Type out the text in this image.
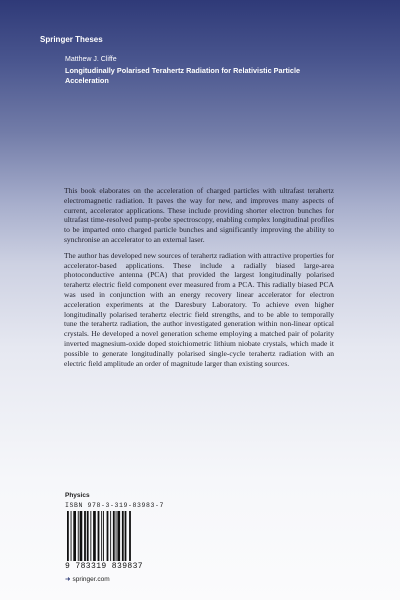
Springer Theses
Matthew J. Cliffe
Longitudinally Polarised Terahertz Radiation for Relativistic Particle Acceleration

This book elaborates on the acceleration of charged particles with ultrafast terahertz electromagnetic radiation. It paves the way for new, and improves many aspects of current, accelerator applications. These include providing shorter electron bunches for ultrafast time-resolved pump-probe spectroscopy, enabling complex longitudinal profiles to be imparted onto charged particle bunches and significantly improving the ability to synchronise an accelerator to an external laser.

The author has developed new sources of terahertz radiation with attractive properties for accelerator-based applications. These include a radially biased large-area photoconductive antenna (PCA) that provided the largest longitudinally polarised terahertz electric field component ever measured from a PCA. This radially biased PCA was used in conjunction with an energy recovery linear accelerator for electron acceleration experiments at the Daresbury Laboratory. To achieve even higher longitudinally polarised terahertz electric field strengths, and to be able to temporally tune the terahertz radiation, the author investigated generation within non-linear optical crystals. He developed a novel generation scheme employing a matched pair of polarity inverted magnesium-oxide doped stoichiometric lithium niobate crystals, which made it possible to generate longitudinally polarised single-cycle terahertz radiation with an electric field amplitude an order of magnitude larger than existing sources.

Physics
ISBN 978-3-319-83983-7
9 783319 839837
➜ springer.com
